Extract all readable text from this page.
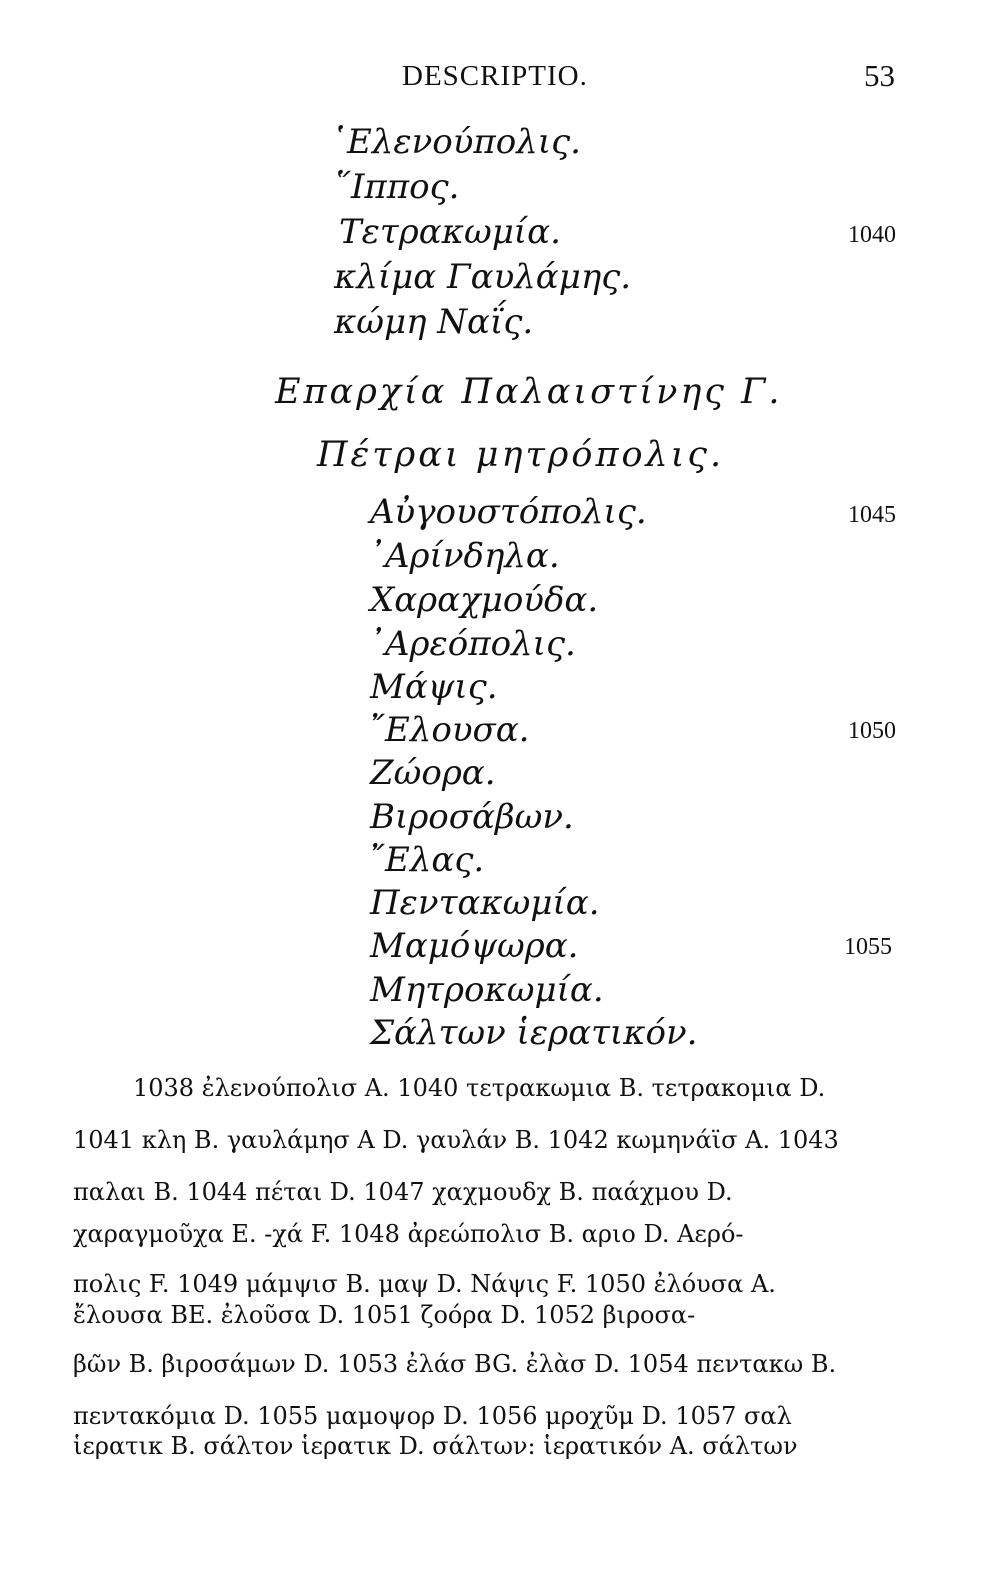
DESCRIPTIO.	53
῾Ελενούπολις.
῞Ιππος.
Τετρακωμία.	1040
κλίμα Γαυλάμης.
κώμη Ναΐς.
Επαρχία Παλαιστίνης Γ.
Πέτραι μητρόπολις.
Αὐγουστόπολις.	1045
᾿Αρίνδηλα.
Χαραχμούδα.
᾿Αρεόπολις.
Μάψις.
῎Ελουσα.	1050
Ζώορα.
Βιροσάβων.
῎Ελας.
Πεντακωμία.
Μαμόψωρα.	1055
Μητροκωμία.
Σάλτων ἱερατικόν.
1038 ἐλενούπολισ A. 1040 τετρακωμια B. τετρακομια D.
1041 κλη B. γαυλάμησ A D. γαυλάν B. 1042 κωμηνάϊσ A. 1043
παλαι B. 1044 πέται D. 1047 χαχμουδχ B. παάχμου D.
χαραγμοῦχα E. -χά F. 1048 ἀρεώπολισ B. αριο D. Αερό-
πολις F. 1049 μάμψισ B. μαψ D. Νάψις F. 1050 ἐλόυσα A.
ἔλουσα BE. ἐλοῦσα D. 1051 ζοόρα D. 1052 βιροσα-
βῶν B. βιροσάμων D. 1053 ἐλάσ BG. ἐλὰσ D. 1054 πεντακω B.
πεντακόμια D. 1055 μαμοψορ D. 1056 μροχῦμ D. 1057 σαλ
ἱερατικ B. σάλτον ἱερατικ D. σάλτων: ἱερατικόν A. σάλτων
